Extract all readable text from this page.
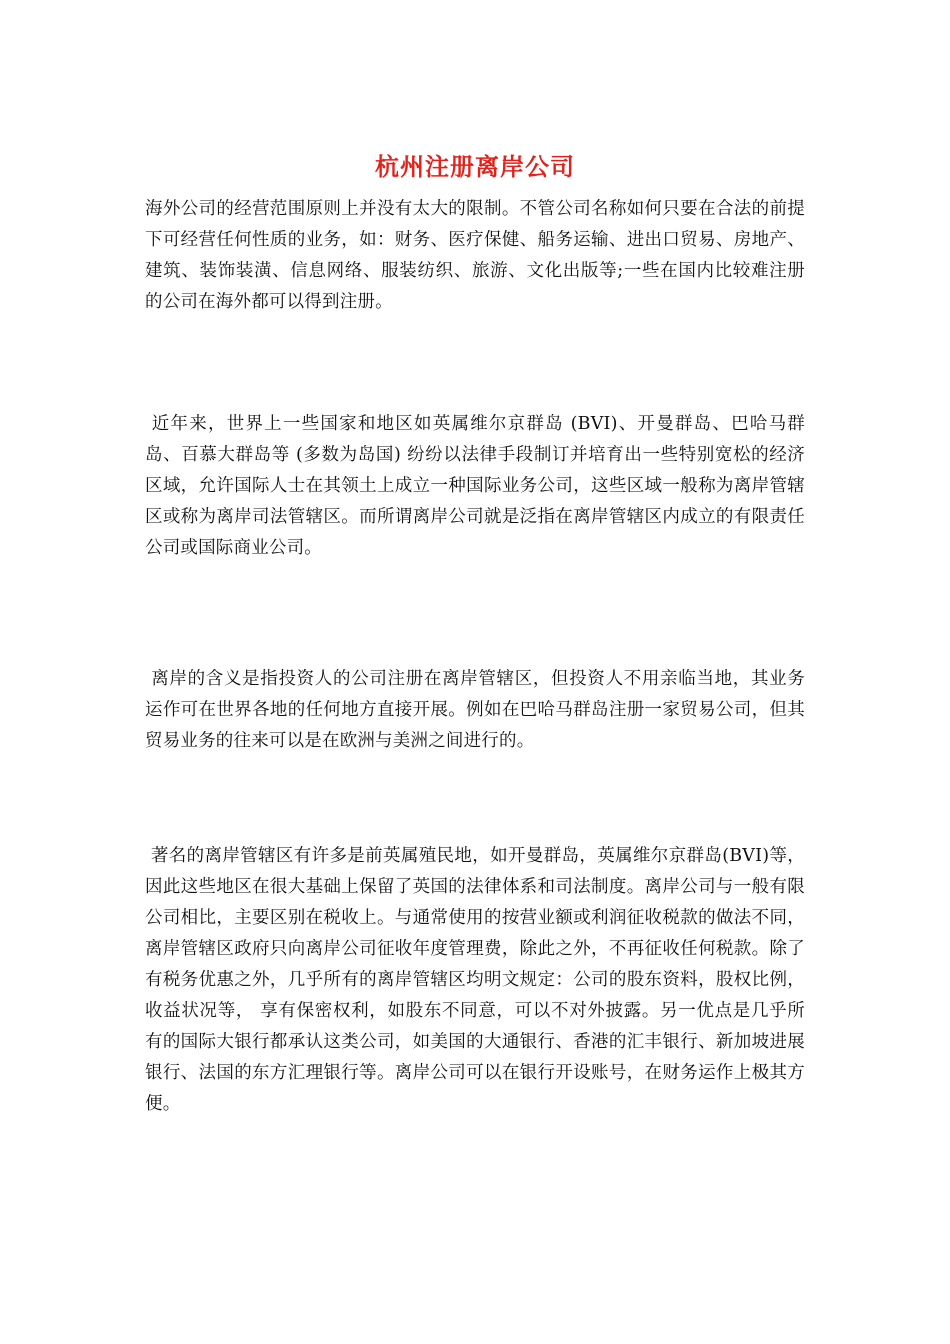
杭州注册离岸公司

海外公司的经营范围原则上并没有太大的限制。不管公司名称如何只要在合法的前提下可经营任何性质的业务，如：财务、医疗保健、船务运输、进出口贸易、房地产、建筑、装饰装潢、信息网络、服装纺织、旅游、文化出版等;一些在国内比较难注册的公司在海外都可以得到注册。

近年来，世界上一些国家和地区如英属维尔京群岛 (BVI)、开曼群岛、巴哈马群岛、百慕大群岛等 (多数为岛国) 纷纷以法律手段制订并培育出一些特别宽松的经济区域，允许国际人士在其领土上成立一种国际业务公司，这些区域一般称为离岸管辖区或称为离岸司法管辖区。而所谓离岸公司就是泛指在离岸管辖区内成立的有限责任公司或国际商业公司。

离岸的含义是指投资人的公司注册在离岸管辖区，但投资人不用亲临当地，其业务运作可在世界各地的任何地方直接开展。例如在巴哈马群岛注册一家贸易公司，但其贸易业务的往来可以是在欧洲与美洲之间进行的。

著名的离岸管辖区有许多是前英属殖民地，如开曼群岛，英属维尔京群岛(BVI)等，因此这些地区在很大基础上保留了英国的法律体系和司法制度。离岸公司与一般有限公司相比，主要区别在税收上。与通常使用的按营业额或利润征收税款的做法不同，离岸管辖区政府只向离岸公司征收年度管理费，除此之外，不再征收任何税款。除了有税务优惠之外，几乎所有的离岸管辖区均明文规定：公司的股东资料，股权比例，收益状况等， 享有保密权利，如股东不同意，可以不对外披露。另一优点是几乎所有的国际大银行都承认这类公司，如美国的大通银行、香港的汇丰银行、新加坡进展银行、法国的东方汇理银行等。离岸公司可以在银行开设账号，在财务运作上极其方便。
